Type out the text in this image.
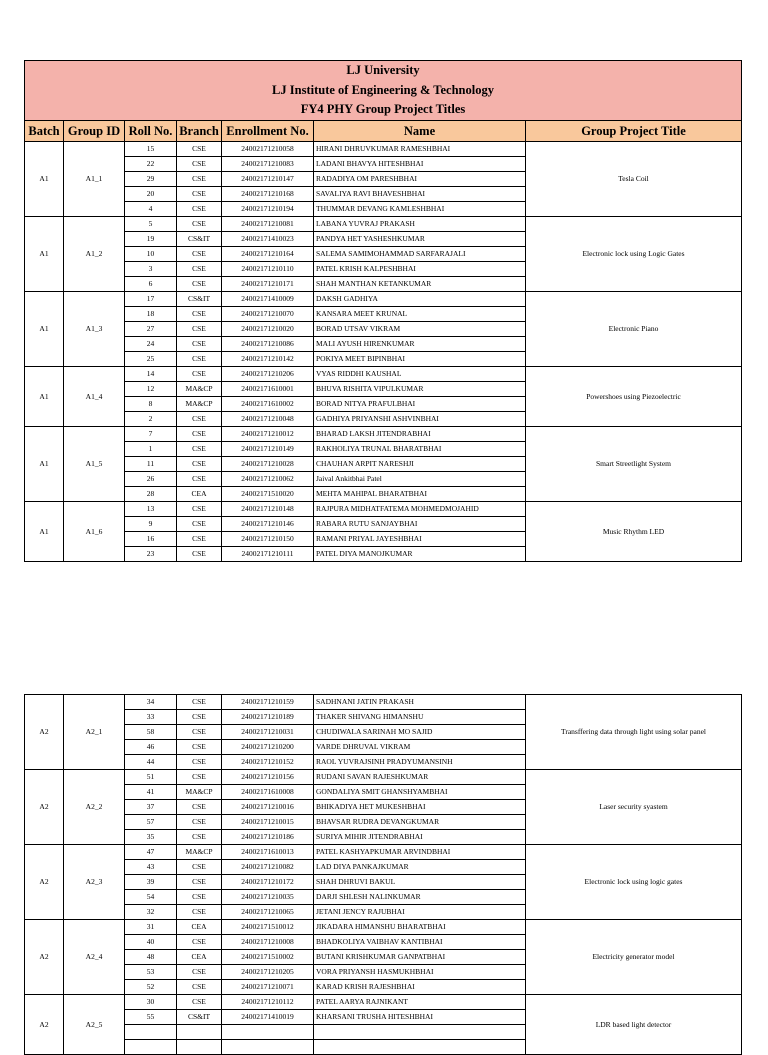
LJ University
LJ Institute of Engineering & Technology
FY4 PHY Group Project Titles						

Batch	Group ID	Roll No.	Branch	Enrollment No.	Name	Group Project Title
A1	A1_1	15	CSE	24002171210058	HIRANI DHRUVKUMAR RAMESHBHAI	Tesla Coil
		22	CSE	24002171210083	LADANI BHAVYA HITESHBHAI	
		29	CSE	24002171210147	RADADIYA OM PARESHBHAI	
		20	CSE	24002171210168	SAVALIYA RAVI BHAVESHBHAI	
		4	CSE	24002171210194	THUMMAR DEVANG KAMLESHBHAI	
A1	A1_2	5	CSE	24002171210081	LABANA YUVRAJ PRAKASH	Electronic lock using Logic Gates
		19	CS&IT	24002171410023	PANDYA HET YASHESHKUMAR	
		10	CSE	24002171210164	SALEMA SAMIMOHAMMAD SARFARAJALI	
		3	CSE	24002171210110	PATEL KRISH KALPESHBHAI	
		6	CSE	24002171210171	SHAH MANTHAN KETANKUMAR	
A1	A1_3	17	CS&IT	24002171410009	DAKSH GADHIYA	Electronic Piano
		18	CSE	24002171210070	KANSARA MEET KRUNAL	
		27	CSE	24002171210020	BORAD UTSAV VIKRAM	
		24	CSE	24002171210086	MALI AYUSH HIRENKUMAR	
		25	CSE	24002171210142	POKIYA MEET BIPINBHAI	
A1	A1_4	14	CSE	24002171210206	VYAS RIDDHI KAUSHAL	Powershoes using Piezoelectric
		12	MA&CP	24002171610001	BHUVA RISHITA VIPULKUMAR	
		8	MA&CP	24002171610002	BORAD NITYA PRAFULBHAI	
		2	CSE	24002171210048	GADHIYA PRIYANSHI ASHVINBHAI	
A1	A1_5	7	CSE	24002171210012	BHARAD LAKSH JITENDRABHAI	Smart Streetlight System
		1	CSE	24002171210149	RAKHOLIYA TRUNAL BHARATBHAI	
		11	CSE	24002171210028	CHAUHAN ARPIT NARESHJI	
		26	CSE	24002171210062	Jaival Ankitbhai Patel	
		28	CEA	24002171510020	MEHTA MAHIPAL BHARATBHAI	
A1	A1_6	13	CSE	24002171210148	RAJPURA MIDHATFATEMA MOHMEDMOJAHID	Music Rhythm LED
		9	CSE	24002171210146	RABARA RUTU SANJAYBHAI	
		16	CSE	24002171210150	RAMANI PRIYAL JAYESHBHAI	
		23	CSE	24002171210111	PATEL DIYA MANOJKUMAR	
A2	A2_1	34	CSE	24002171210159	SADHNANI JATIN PRAKASH	Transffering data through light using solar panel
		33	CSE	24002171210189	THAKER SHIVANG HIMANSHU	
		58	CSE	24002171210031	CHUDIWALA SARINAH MO SAJID	
		46	CSE	24002171210200	VARDE DHRUVAL VIKRAM	
		44	CSE	24002171210152	RAOL YUVRAJSINH PRADYUMANSINH	
A2	A2_2	51	CSE	24002171210156	RUDANI SAVAN RAJESHKUMAR	Laser security syastem
		41	MA&CP	24002171610008	GONDALIYA SMIT GHANSHYAMBHAI	
		37	CSE	24002171210016	BHIKADIYA HET MUKESHBHAI	
		57	CSE	24002171210015	BHAVSAR RUDRA DEVANGKUMAR	
		35	CSE	24002171210186	SURIYA MIHIR JITENDRABHAI	
A2	A2_3	47	MA&CP	24002171610013	PATEL KASHYAPKUMAR ARVINDBHAI	Electronic lock using logic gates
		43	CSE	24002171210082	LAD DIYA PANKAJKUMAR	
		39	CSE	24002171210172	SHAH DHRUVI BAKUL	
		54	CSE	24002171210035	DARJI SHLESH NALINKUMAR	
		32	CSE	24002171210065	JETANI JENCY RAJUBHAI	
A2	A2_4	31	CEA	24002171510012	JIKADARA HIMANSHU BHARATBHAI	Electricity generator model
		40	CSE	24002171210008	BHADKOLIYA VAIBHAV KANTIBHAI	
		48	CEA	24002171510002	BUTANI KRISHKUMAR GANPATBHAI	
		53	CSE	24002171210205	VORA PRIYANSH HASMUKHBHAI	
		52	CSE	24002171210071	KARAD KRISH RAJESHBHAI	
A2	A2_5	30	CSE	24002171210112	PATEL AARYA RAJNIKANT	LDR based light detector
		55	CS&IT	24002171410019	KHARSANI TRUSHA HITESHBHAI	
